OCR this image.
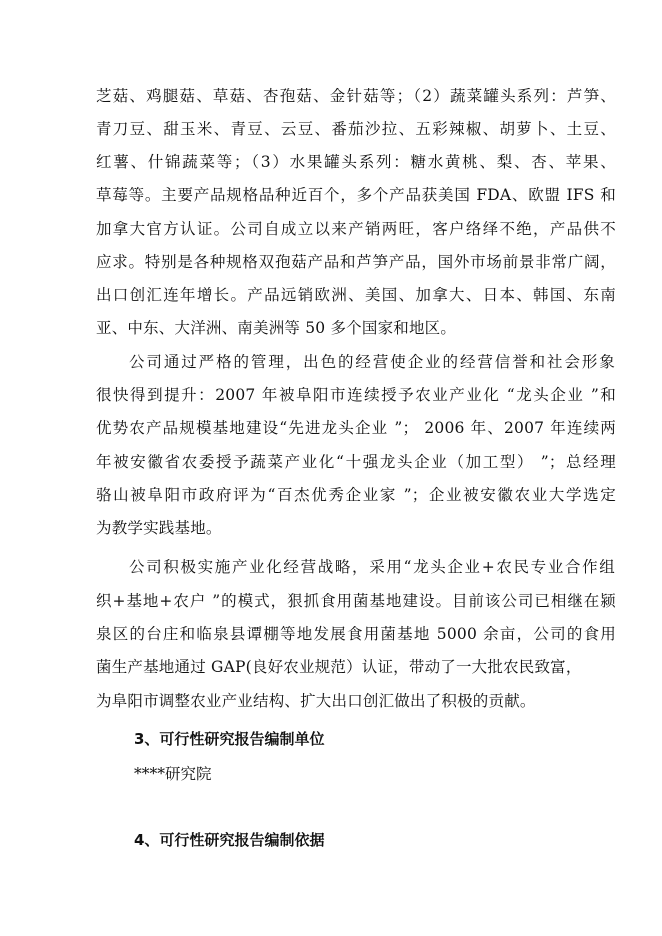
芝菇、鸡腿菇、草菇、杏孢菇、金针菇等；（2）蔬菜罐头系列：芦笋、
青刀豆、甜玉米、青豆、云豆、番茄沙拉、五彩辣椒、胡萝卜、土豆、
红薯、什锦蔬菜等；（3）水果罐头系列：糖水黄桃、梨、杏、苹果、
草莓等。主要产品规格品种近百个，多个产品获美国 FDA、欧盟 IFS 和
加拿大官方认证。公司自成立以来产销两旺，客户络绎不绝，产品供不
应求。特别是各种规格双孢菇产品和芦笋产品，国外市场前景非常广阔，
出口创汇连年增长。产品远销欧洲、美国、加拿大、日本、韩国、东南
亚、中东、大洋洲、南美洲等 50 多个国家和地区。
公司通过严格的管理，出色的经营使企业的经营信誉和社会形象
很快得到提升：2007 年被阜阳市连续授予农业产业化 “龙头企业 ”和
优势农产品规模基地建设“先进龙头企业 ”； 2006 年、2007 年连续两
年被安徽省农委授予蔬菜产业化“十强龙头企业（加工型） ”；总经理
骆山被阜阳市政府评为“百杰优秀企业家 ”；企业被安徽农业大学选定
为教学实践基地。
公司积极实施产业化经营战略，采用“龙头企业+农民专业合作组
织+基地+农户 ”的模式，狠抓食用菌基地建设。目前该公司已相继在颍
泉区的台庄和临泉县谭棚等地发展食用菌基地 5000 余亩，公司的食用
菌生产基地通过 GAP(良好农业规范）认证，带动了一大批农民致富，
为阜阳市调整农业产业结构、扩大出口创汇做出了积极的贡献。
3、可行性研究报告编制单位
****研究院
4、可行性研究报告编制依据
